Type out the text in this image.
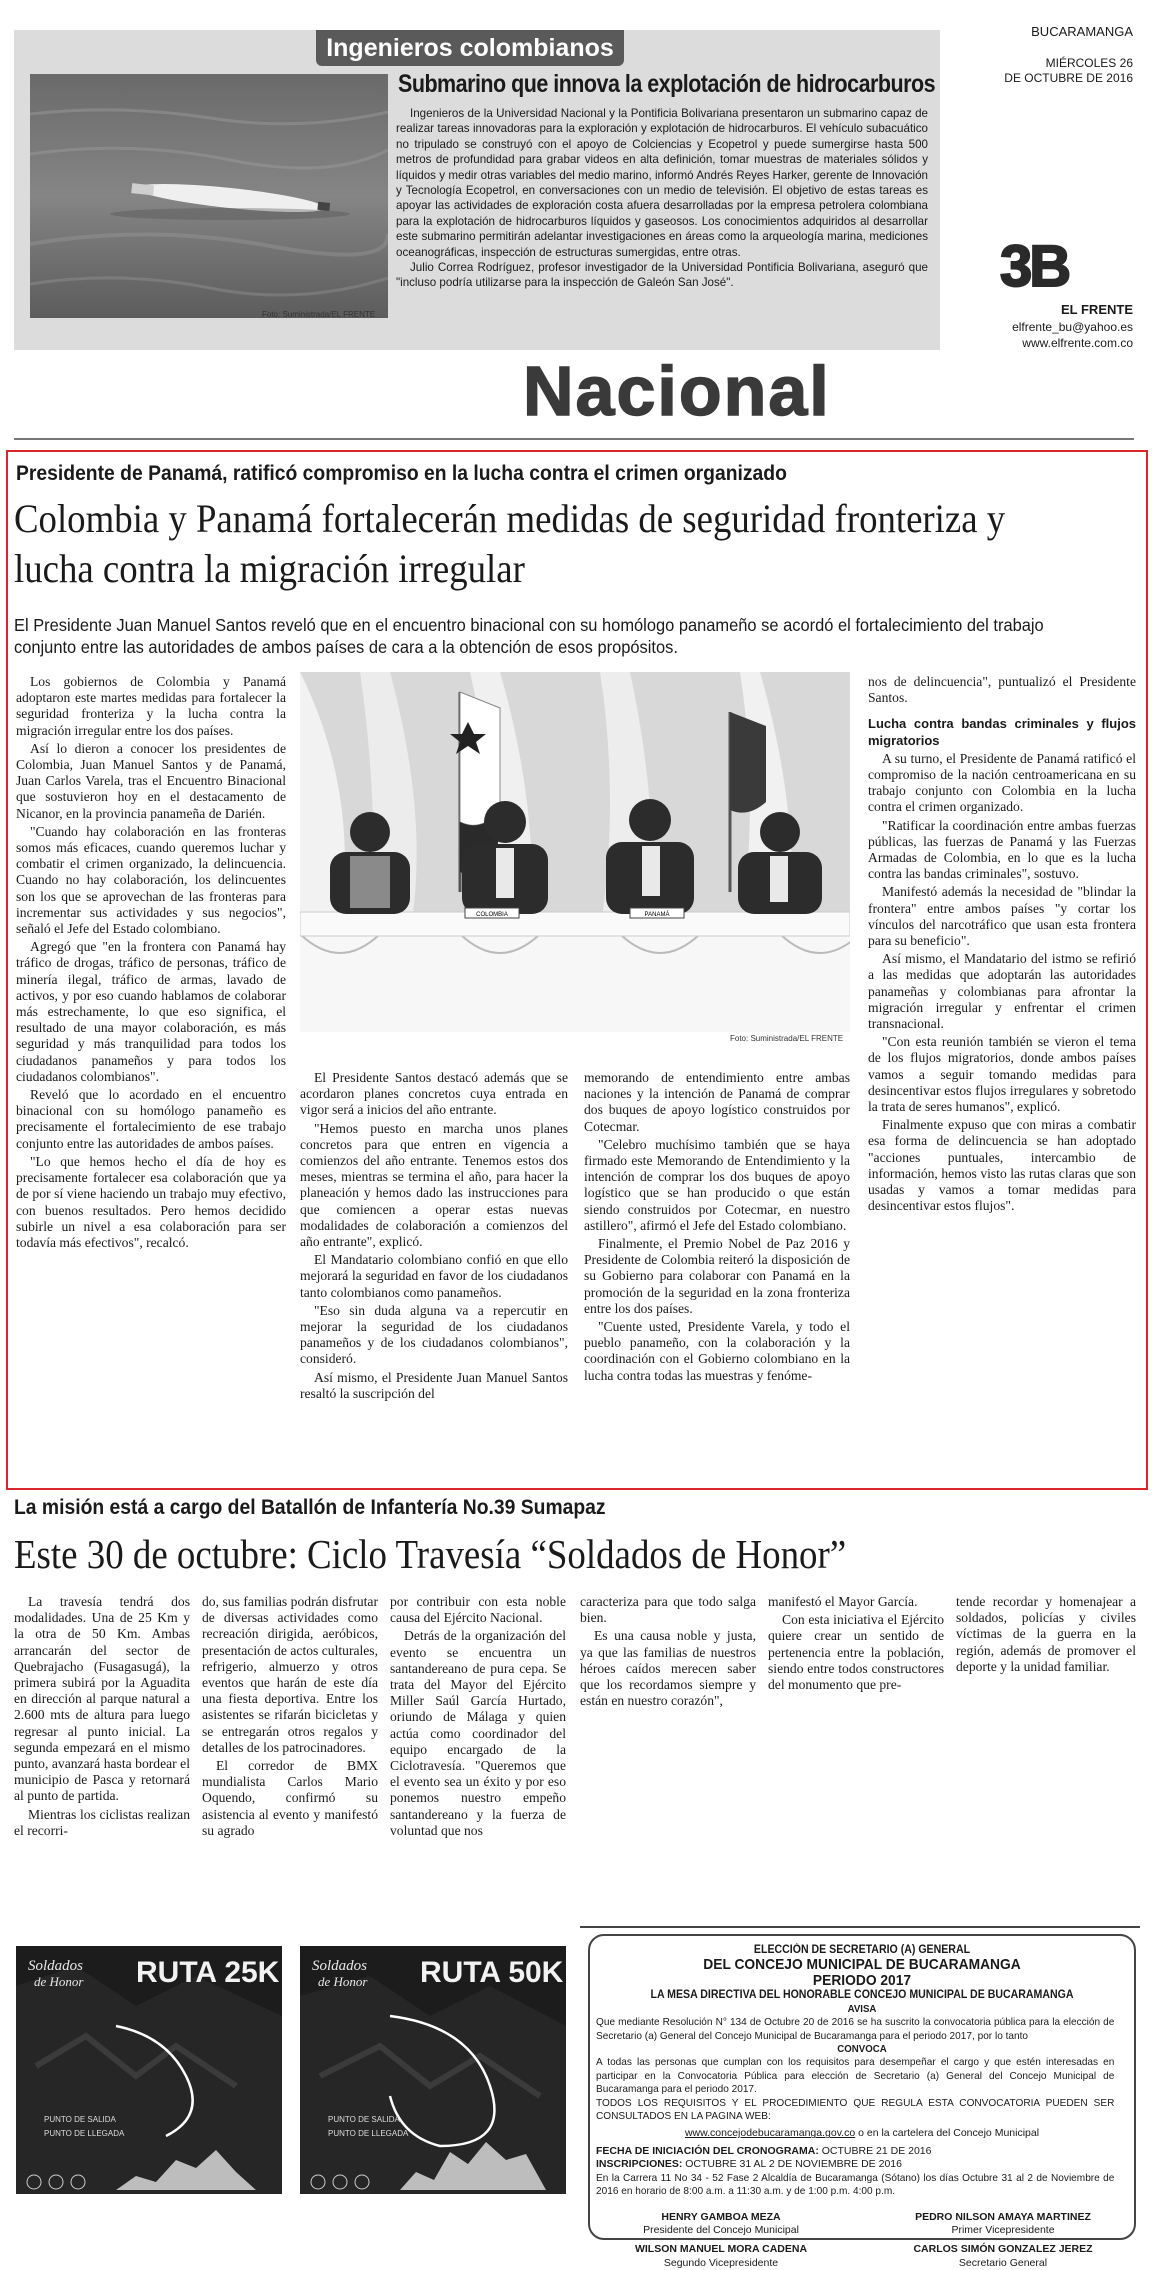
Ingenieros colombianos
Foto: Suministrada/EL FRENTE
Submarino que innova la explotación de hidrocarburos

Ingenieros de la Universidad Nacional y la Pontificia Bolivariana presentaron un submarino capaz de realizar tareas innovadoras para la exploración y explotación de hidrocarburos. El vehículo subacuático no tripulado se construyó con el apoyo de Colciencias y Ecopetrol y puede sumergirse hasta 500 metros de profundidad para grabar videos en alta definición, tomar muestras de materiales sólidos y líquidos y medir otras variables del medio marino, informó Andrés Reyes Harker, gerente de Innovación y Tecnología Ecopetrol, en conversaciones con un medio de televisión. El objetivo de estas tareas es apoyar las actividades de exploración costa afuera desarrolladas por la empresa petrolera colombiana para la explotación de hidrocarburos líquidos y gaseosos. Los conocimientos adquiridos al desarrollar este submarino permitirán adelantar investigaciones en áreas como la arqueología marina, mediciones oceanográficas, inspección de estructuras sumergidas, entre otras.

Julio Correa Rodríguez, profesor investigador de la Universidad Pontificia Bolivariana, aseguró que "incluso podría utilizarse para la inspección de Galeón San José".

BUCARAMANGA
MIÉRCOLES 26
DE OCTUBRE DE 2016
3B
EL FRENTE
elfrente_bu@yahoo.es
www.elfrente.com.co
Nacional
Presidente de Panamá, ratificó compromiso en la lucha contra el crimen organizado
Colombia y Panamá fortalecerán medidas de seguridad fronteriza y lucha contra la migración irregular
El Presidente Juan Manuel Santos reveló que en el encuentro binacional con su homólogo panameño se acordó el fortalecimiento del trabajo conjunto entre las autoridades de ambos países de cara a la obtención de esos propósitos.

Los gobiernos de Colombia y Panamá adoptaron este martes medidas para fortalecer la seguridad fronteriza y la lucha contra la migración irregular entre los dos países.

Así lo dieron a conocer los presidentes de Colombia, Juan Manuel Santos y de Panamá, Juan Carlos Varela, tras el Encuentro Binacional que sostuvieron hoy en el destacamento de Nicanor, en la provincia panameña de Darién.

"Cuando hay colaboración en las fronteras somos más eficaces, cuando queremos luchar y combatir el crimen organizado, la delincuencia. Cuando no hay colaboración, los delincuentes son los que se aprovechan de las fronteras para incrementar sus actividades y sus negocios", señaló el Jefe del Estado colombiano.

Agregó que "en la frontera con Panamá hay tráfico de drogas, tráfico de personas, tráfico de minería ilegal, tráfico de armas, lavado de activos, y por eso cuando hablamos de colaborar más estrechamente, lo que eso significa, el resultado de una mayor colaboración, es más seguridad y más tranquilidad para todos los ciudadanos panameños y para todos los ciudadanos colombianos".

Reveló que lo acordado en el encuentro binacional con su homólogo panameño es precisamente el fortalecimiento de ese trabajo conjunto entre las autoridades de ambos países.

"Lo que hemos hecho el día de hoy es precisamente fortalecer esa colaboración que ya de por sí viene haciendo un trabajo muy efectivo, con buenos resultados. Pero hemos decidido subirle un nivel a esa colaboración para ser todavía más efectivos", recalcó.

COLOMBIA	PANAMÁ
Foto: Suministrada/EL FRENTE

El Presidente Santos destacó además que se acordaron planes concretos cuya entrada en vigor será a inicios del año entrante.

"Hemos puesto en marcha unos planes concretos para que entren en vigencia a comienzos del año entrante. Tenemos estos dos meses, mientras se termina el año, para hacer la planeación y hemos dado las instrucciones para que comiencen a operar estas nuevas modalidades de colaboración a comienzos del año entrante", explicó.

El Mandatario colombiano confió en que ello mejorará la seguridad en favor de los ciudadanos tanto colombianos como panameños.

"Eso sin duda alguna va a repercutir en mejorar la seguridad de los ciudadanos panameños y de los ciudadanos colombianos", consideró.

Así mismo, el Presidente Juan Manuel Santos resaltó la suscripción del

memorando de entendimiento entre ambas naciones y la intención de Panamá de comprar dos buques de apoyo logístico construidos por Cotecmar.

"Celebro muchísimo también que se haya firmado este Memorando de Entendimiento y la intención de comprar los dos buques de apoyo logístico que se han producido o que están siendo construidos por Cotecmar, en nuestro astillero", afirmó el Jefe del Estado colombiano.

Finalmente, el Premio Nobel de Paz 2016 y Presidente de Colombia reiteró la disposición de su Gobierno para colaborar con Panamá en la promoción de la seguridad en la zona fronteriza entre los dos países.

"Cuente usted, Presidente Varela, y todo el pueblo panameño, con la colaboración y la coordinación con el Gobierno colombiano en la lucha contra todas las muestras y fenóme-

nos de delincuencia", puntualizó el Presidente Santos.

Lucha contra bandas criminales y flujos migratorios

A su turno, el Presidente de Panamá ratificó el compromiso de la nación centroamericana en su trabajo conjunto con Colombia en la lucha contra el crimen organizado.

"Ratificar la coordinación entre ambas fuerzas públicas, las fuerzas de Panamá y las Fuerzas Armadas de Colombia, en lo que es la lucha contra las bandas criminales", sostuvo.

Manifestó además la necesidad de "blindar la frontera" entre ambos países "y cortar los vínculos del narcotráfico que usan esta frontera para su beneficio".

Así mismo, el Mandatario del istmo se refirió a las medidas que adoptarán las autoridades panameñas y colombianas para afrontar la migración irregular y enfrentar el crimen transnacional.

"Con esta reunión también se vieron el tema de los flujos migratorios, donde ambos países vamos a seguir tomando medidas para desincentivar estos flujos irregulares y sobretodo la trata de seres humanos", explicó.

Finalmente expuso que con miras a combatir esa forma de delincuencia se han adoptado "acciones puntuales, intercambio de información, hemos visto las rutas claras que son usadas y vamos a tomar medidas para desincentivar estos flujos".

La misión está a cargo del Batallón de Infantería No.39 Sumapaz
Este 30 de octubre: Ciclo Travesía “Soldados de Honor”

La travesía tendrá dos modalidades. Una de 25 Km y la otra de 50 Km. Ambas arrancarán del sector de Quebrajacho (Fusagasugá), la primera subirá por la Aguadita en dirección al parque natural a 2.600 mts de altura para luego regresar al punto inicial. La segunda empezará en el mismo punto, avanzará hasta bordear el municipio de Pasca y retornará al punto de partida.

Mientras los ciclistas realizan el recorri-

do, sus familias podrán disfrutar de diversas actividades como recreación dirigida, aeróbicos, presentación de actos culturales, refrigerio, almuerzo y otros eventos que harán de este día una fiesta deportiva. Entre los asistentes se rifarán bicicletas y se entregarán otros regalos y detalles de los patrocinadores.

El corredor de BMX mundialista Carlos Mario Oquendo, confirmó su asistencia al evento y manifestó su agrado

por contribuir con esta noble causa del Ejército Nacional.

Detrás de la organización del evento se encuentra un santandereano de pura cepa. Se trata del Mayor del Ejército Miller Saúl García Hurtado, oriundo de Málaga y quien actúa como coordinador del equipo encargado de la Ciclotravesía. "Queremos que el evento sea un éxito y por eso ponemos nuestro empeño santandereano y la fuerza de voluntad que nos

caracteriza para que todo salga bien.

Es una causa noble y justa, ya que las familias de nuestros héroes caídos merecen saber que los recordamos siempre y están en nuestro corazón",

manifestó el Mayor García.

Con esta iniciativa el Ejército quiere crear un sentido de pertenencia entre la población, siendo entre todos constructores del monumento que pre-

tende recordar y homenajear a soldados, policías y civiles víctimas de la guerra en la región, además de promover el deporte y la unidad familiar.

Soldados
de Honor RUTA 25K
PUNTO DE SALIDA
PUNTO DE LLEGADA
Soldados
de Honor RUTA 50K
PUNTO DE SALIDA
PUNTO DE LLEGADA
ELECCIÓN DE SECRETARIO (A) GENERAL
DEL CONCEJO MUNICIPAL DE BUCARAMANGA
PERIODO 2017
LA MESA DIRECTIVA DEL HONORABLE CONCEJO MUNICIPAL DE BUCARAMANGA
AVISA

Que mediante Resolución N° 134 de Octubre 20 de 2016 se ha suscrito la convocatoria pública para la elección de Secretario (a) General del Concejo Municipal de Bucaramanga para el periodo 2017, por lo tanto

CONVOCA

A todas las personas que cumplan con los requisitos para desempeñar el cargo y que estén interesadas en participar en la Convocatoria Pública para elección de Secretario (a) General del Concejo Municipal de Bucaramanga para el periodo 2017.

TODOS LOS REQUISITOS Y EL PROCEDIMIENTO QUE REGULA ESTA CONVOCATORIA PUEDEN SER CONSULTADOS EN LA PAGINA WEB:

www.concejodebucaramanga.gov.co o en la cartelera del Concejo Municipal
FECHA DE INICIACIÓN DEL CRONOGRAMA: OCTUBRE 21 DE 2016
INSCRIPCIONES: OCTUBRE 31 AL 2 DE NOVIEMBRE DE 2016

En la Carrera 11 No 34 - 52 Fase 2 Alcaldía de Bucaramanga (Sótano) los días Octubre 31 al 2 de Noviembre de 2016 en horario de 8:00 a.m. a 11:30 a.m. y de 1:00 p.m. 4:00 p.m.

HENRY GAMBOA MEZA
Presidente del Concejo Municipal
PEDRO NILSON AMAYA MARTINEZ
Primer Vicepresidente
WILSON MANUEL MORA CADENA
Segundo Vicepresidente
CARLOS SIMÓN GONZALEZ JEREZ
Secretario General
